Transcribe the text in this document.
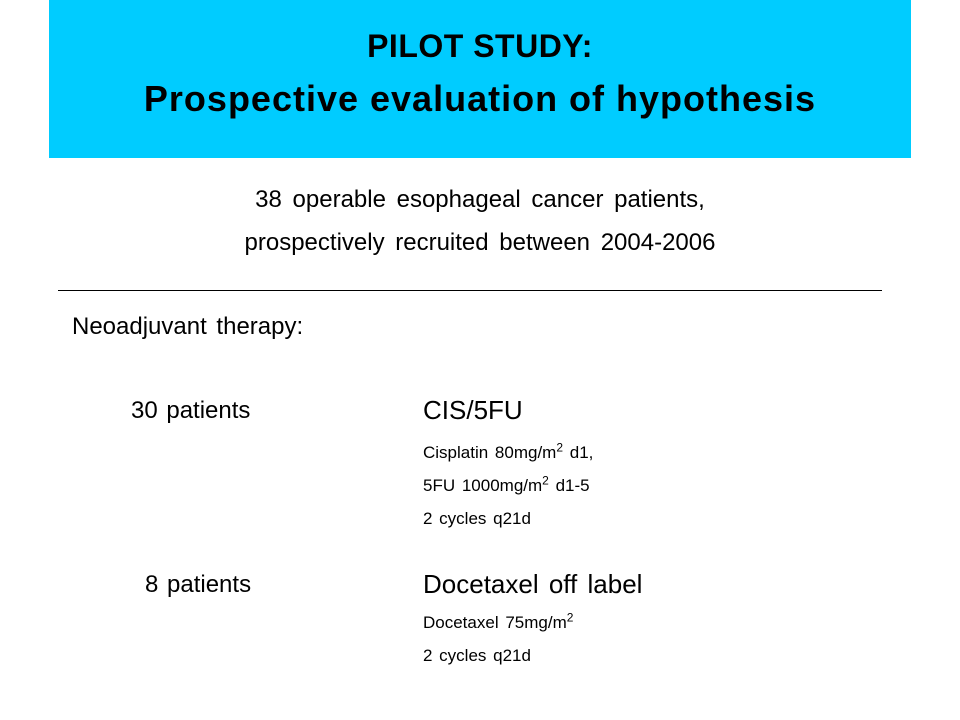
PILOT STUDY:
Prospective evaluation of hypothesis
38 operable esophageal cancer patients,
prospectively recruited between 2004-2006
Neoadjuvant therapy:
30 patients	CIS/5FU
Cisplatin $80mg/m^2$ d1,
5FU $1000mg/m^2$ d1-5
2 cycles q21d
8 patients	Docetaxel off label
Docetaxel $75mg/m^2$
2 cycles q21d
